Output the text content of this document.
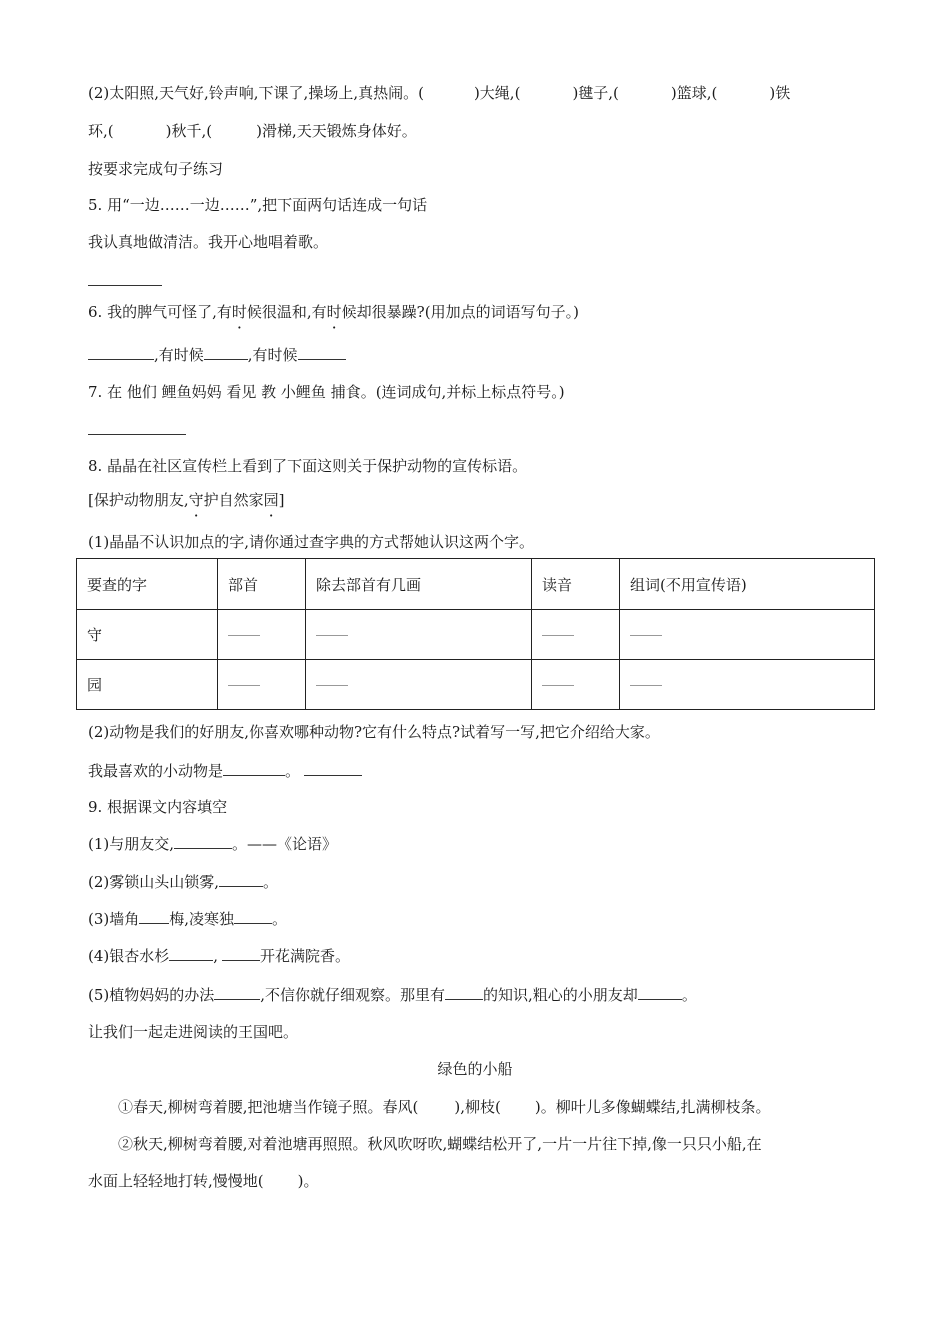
(2)太阳照,天气好,铃声响,下课了,操场上,真热闹。(	)大绳,(	)毽子,(	)篮球,(	)铁
环,(	)秋千,(	)滑梯,天天锻炼身体好。
按要求完成句子练习
5. 用“一边……一边……”,把下面两句话连成一句话
我认真地做清洁。我开心地唱着歌。
6. 我的脾气可怪了,有时候很温和,有时候却很暴躁?(用加点的词语写句子。)
,有时候	,有时候
7. 在 他们 鲤鱼妈妈 看见 教 小鲤鱼 捕食。(连词成句,并标上标点符号。)
8. 晶晶在社区宣传栏上看到了下面这则关于保护动物的宣传标语。
[保护动物朋友,守护自然家园]
(1)晶晶不认识加点的字,请你通过查字典的方式帮她认识这两个字。
要查的字	部首	除去部首有几画	读音	组词(不用宣传语)
守				
园				
(2)动物是我们的好朋友,你喜欢哪种动物?它有什么特点?试着写一写,把它介绍给大家。
我最喜欢的小动物是	。
9. 根据课文内容填空
(1)与朋友交,	。——《论语》
(2)雾锁山头山锁雾,	。
(3)墙角 梅,凌寒独	。
(4)银杏水杉	,	开花满院香。
(5)植物妈妈的办法	,不信你就仔细观察。那里有	的知识,粗心的小朋友却	。
让我们一起走进阅读的王国吧。
绿色的小船
①春天,柳树弯着腰,把池塘当作镜子照。春风( ),柳枝( )。柳叶儿多像蝴蝶结,扎满柳枝条。
②秋天,柳树弯着腰,对着池塘再照照。秋风吹呀吹,蝴蝶结松开了,一片一片往下掉,像一只只小船,在
水面上轻轻地打转,慢慢地( )。
